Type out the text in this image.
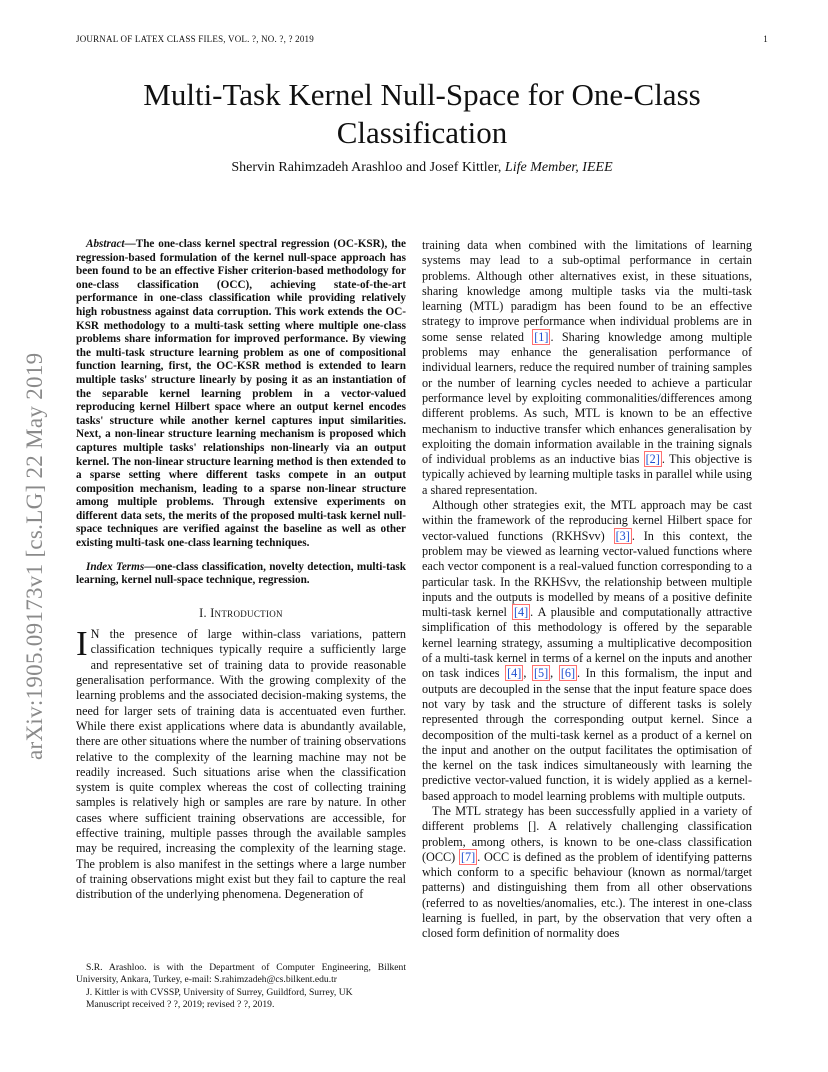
JOURNAL OF LATEX CLASS FILES, VOL. ?, NO. ?, ? 2019	1
arXiv:1905.09173v1 [cs.LG] 22 May 2019
Multi-Task Kernel Null-Space for One-Class Classification
Shervin Rahimzadeh Arashloo and Josef Kittler, Life Member, IEEE

Abstract—The one-class kernel spectral regression (OC-KSR), the regression-based formulation of the kernel null-space approach has been found to be an effective Fisher criterion-based methodology for one-class classification (OCC), achieving state-of-the-art performance in one-class classification while providing relatively high robustness against data corruption. This work extends the OC-KSR methodology to a multi-task setting where multiple one-class problems share information for improved performance. By viewing the multi-task structure learning problem as one of compositional function learning, first, the OC-KSR method is extended to learn multiple tasks' structure linearly by posing it as an instantiation of the separable kernel learning problem in a vector-valued reproducing kernel Hilbert space where an output kernel encodes tasks' structure while another kernel captures input similarities. Next, a non-linear structure learning mechanism is proposed which captures multiple tasks' relationships non-linearly via an output kernel. The non-linear structure learning method is then extended to a sparse setting where different tasks compete in an output composition mechanism, leading to a sparse non-linear structure among multiple problems. Through extensive experiments on different data sets, the merits of the proposed multi-task kernel null-space techniques are verified against the baseline as well as other existing multi-task one-class learning techniques.

Index Terms—one-class classification, novelty detection, multi-task learning, kernel null-space technique, regression.

I. Introduction

I N the presence of large within-class variations, pattern classification techniques typically require a sufficiently large and representative set of training data to provide reasonable generalisation performance. With the growing complexity of the learning problems and the associated decision-making systems, the need for larger sets of training data is accentuated even further. While there exist applications where data is abundantly available, there are other situations where the number of training observations relative to the complexity of the learning machine may not be readily increased. Such situations arise when the classification system is quite complex whereas the cost of collecting training samples is relatively high or samples are rare by nature. In other cases where sufficient training observations are accessible, for effective training, multiple passes through the available samples may be required, increasing the complexity of the learning stage. The problem is also manifest in the settings where a large number of training observations might exist but they fail to capture the real distribution of the underlying phenomena. Degeneration of

training data when combined with the limitations of learning systems may lead to a sub-optimal performance in certain problems. Although other alternatives exist, in these situations, sharing knowledge among multiple tasks via the multi-task learning (MTL) paradigm has been found to be an effective strategy to improve performance when individual problems are in some sense related [1] . Sharing knowledge among multiple problems may enhance the generalisation performance of individual learners, reduce the required number of training samples or the number of learning cycles needed to achieve a particular performance level by exploiting commonalities/differences among different problems. As such, MTL is known to be an effective mechanism to inductive transfer which enhances generalisation by exploiting the domain information available in the training signals of individual problems as an inductive bias [2] . This objective is typically achieved by learning multiple tasks in parallel while using a shared representation.

Although other strategies exit, the MTL approach may be cast within the framework of the reproducing kernel Hilbert space for vector-valued functions (RKHSvv) [3] . In this context, the problem may be viewed as learning vector-valued functions where each vector component is a real-valued function corresponding to a particular task. In the RKHSvv, the relationship between multiple inputs and the outputs is modelled by means of a positive definite multi-task kernel [4] . A plausible and computationally attractive simplification of this methodology is offered by the separable kernel learning strategy, assuming a multiplicative decomposition of a multi-task kernel in terms of a kernel on the inputs and another on task indices [4] , [5] , [6] . In this formalism, the input and outputs are decoupled in the sense that the input feature space does not vary by task and the structure of different tasks is solely represented through the corresponding output kernel. Since a decomposition of the multi-task kernel as a product of a kernel on the input and another on the output facilitates the optimisation of the kernel on the task indices simultaneously with learning the predictive vector-valued function, it is widely applied as a kernel-based approach to model learning problems with multiple outputs.

The MTL strategy has been successfully applied in a variety of different problems []. A relatively challenging classification problem, among others, is known to be one-class classification (OCC) [7] . OCC is defined as the problem of identifying patterns which conform to a specific behaviour (known as normal/target patterns) and distinguishing them from all other observations (referred to as novelties/anomalies, etc.). The interest in one-class learning is fuelled, in part, by the observation that very often a closed form definition of normality does

S.R. Arashloo. is with the Department of Computer Engineering, Bilkent University, Ankara, Turkey, e-mail: S.rahimzadeh@cs.bilkent.edu.tr

J. Kittler is with CVSSP, University of Surrey, Guildford, Surrey, UK

Manuscript received ? ?, 2019; revised ? ?, 2019.
